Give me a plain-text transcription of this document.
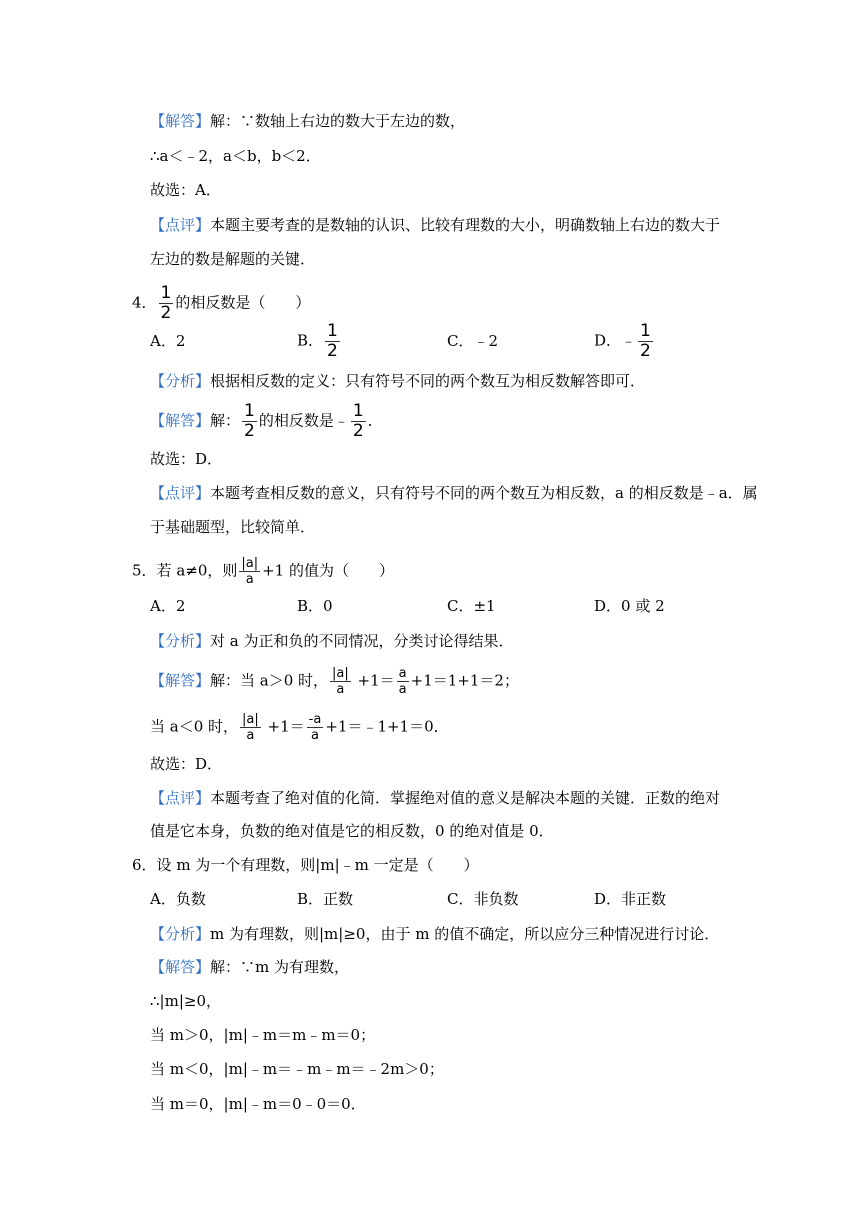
【解答】解：∵数轴上右边的数大于左边的数，
∴a＜﹣2，a＜b，b＜2．
故选：A．
【点评】本题主要考查的是数轴的认识、比较有理数的大小，明确数轴上右边的数大于
左边的数是解题的关键．
4． $\frac{1}{2}$ 的相反数是（　　）
A．2	B． $\frac{1}{2}$	C．﹣2	D．﹣ $\frac{1}{2}$
【分析】根据相反数的定义：只有符号不同的两个数互为相反数解答即可．
【解答】解： $\frac{1}{2}$ 的相反数是﹣ $\frac{1}{2}$ ．
故选：D．
【点评】本题考查相反数的意义，只有符号不同的两个数互为相反数，a 的相反数是﹣a．属
于基础题型，比较简单．
5．若 a≠0，则 $\frac{|a|}{a} +1$ 的值为（　　）
A．2	B．0	C．±1	D．0 或 2
【分析】对 a 为正和负的不同情况，分类讨论得结果．
【解答】解：当 a＞0 时， $\frac{|a|}{a} +1= \frac{a}{a} +1=1+1=2$；
当 a＜0 时， $\frac{|a|}{a} +1= \frac{-a}{a}$ +1＝﹣1+1＝0．
故选：D．
【点评】本题考查了绝对值的化简．掌握绝对值的意义是解决本题的关键．正数的绝对
值是它本身，负数的绝对值是它的相反数，0 的绝对值是 0．
6．设 m 为一个有理数，则|m|﹣m 一定是（　　）
A．负数	B．正数	C．非负数	D．非正数
【分析】m 为有理数，则|m|≥0，由于 m 的值不确定，所以应分三种情况进行讨论．
【解答】解：∵m 为有理数，
∴|m|≥0，
当 m＞0，|m|﹣m＝m﹣m＝0；
当 m＜0，|m|﹣m＝﹣m﹣m＝﹣2m＞0；
当 m＝0，|m|﹣m＝0﹣0＝0．
